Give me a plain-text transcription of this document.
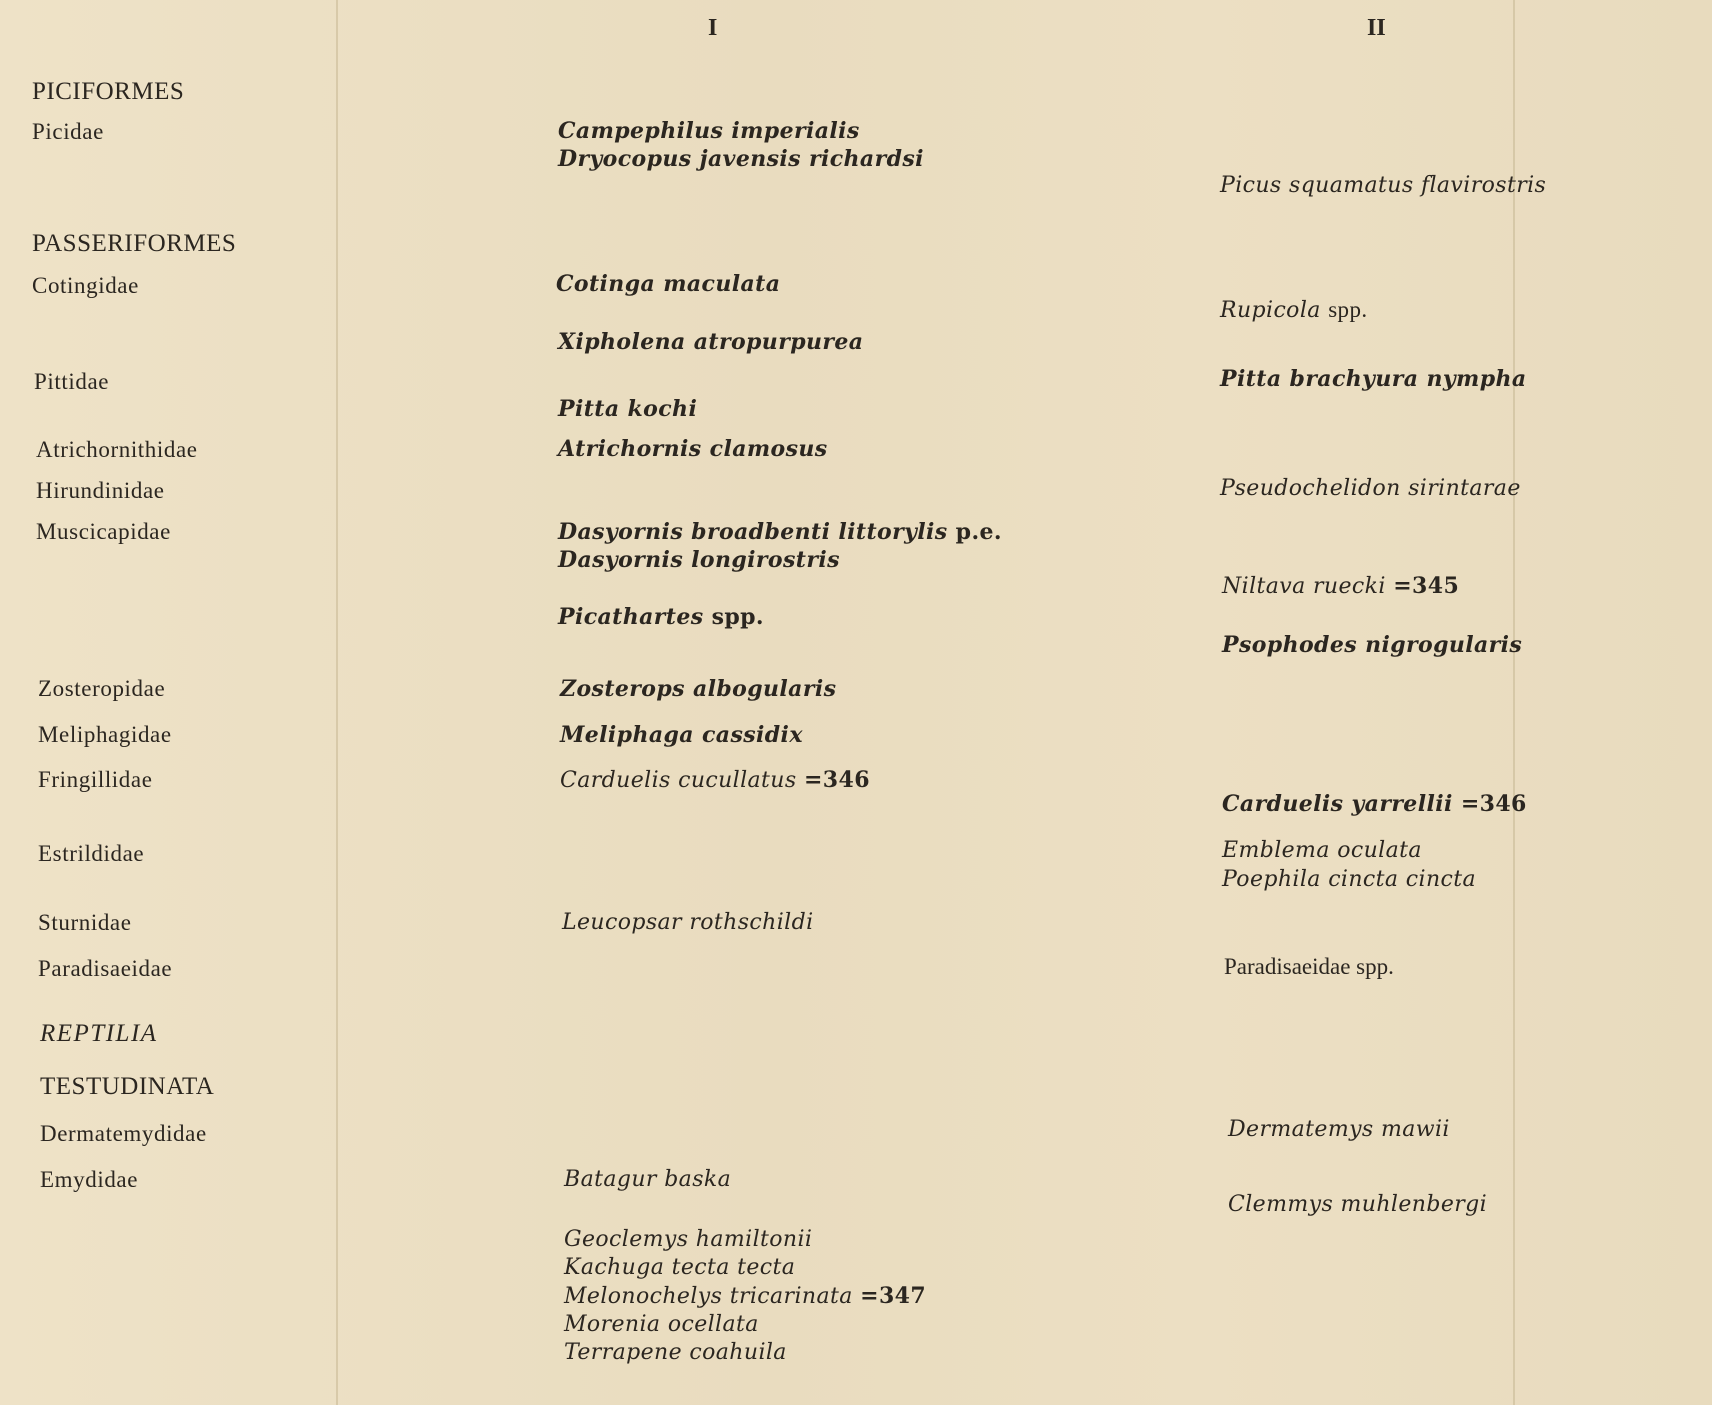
I	II
PICIFORMES
Picidae
PASSERIFORMES
Cotingidae
Pittidae
Atrichornithidae
Hirundinidae
Muscicapidae
Zosteropidae
Meliphagidae
Fringillidae
Estrildidae
Sturnidae
Paradisaeidae
REPTILIA
TESTUDINATA
Dermatemydidae
Emydidae
Campephilus imperialis
Dryocopus javensis richardsi
Cotinga maculata
Xipholena atropurpurea
Pitta kochi
Atrichornis clamosus
Dasyornis broadbenti littorylis p.e.
Dasyornis longirostris
Picathartes spp.
Zosterops albogularis
Meliphaga cassidix
Carduelis cucullatus =346
Leucopsar rothschildi
Batagur baska
Geoclemys hamiltonii
Kachuga tecta tecta
Melonochelys tricarinata =347
Morenia ocellata
Terrapene coahuila
Picus squamatus flavirostris
Rupicola spp.
Pitta brachyura nympha
Pseudochelidon sirintarae
Niltava ruecki =345
Psophodes nigrogularis
Carduelis yarrellii =346
Emblema oculata
Poephila cincta cincta
Paradisaeidae spp.
Dermatemys mawii
Clemmys muhlenbergi
